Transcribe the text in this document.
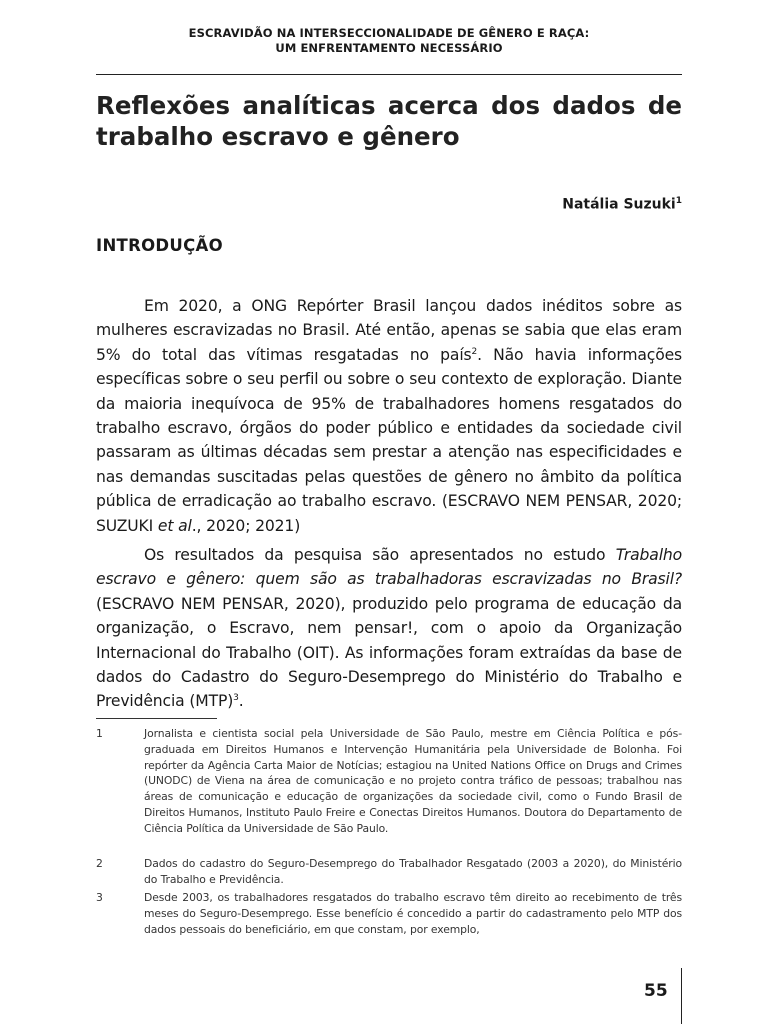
ESCRAVIDÃO NA INTERSECCIONALIDADE DE GÊNERO E RAÇA:
UM ENFRENTAMENTO NECESSÁRIO
Reflexões analíticas acerca dos dados de trabalho escravo e gênero
Natália Suzuki$^1$
INTRODUÇÃO

Em 2020, a ONG Repórter Brasil lançou dados inéditos sobre as mulheres escravizadas no Brasil. Até então, apenas se sabia que elas eram 5% do total das vítimas resgatadas no país$^2$. Não havia informações específicas sobre o seu perfil ou sobre o seu contexto de exploração. Diante da maioria inequívoca de 95% de trabalhadores homens resgatados do trabalho escravo, órgãos do poder público e entidades da sociedade civil passaram as últimas décadas sem prestar a atenção nas especificidades e nas demandas suscitadas pelas questões de gênero no âmbito da política pública de erradicação ao trabalho escravo. (ESCRAVO NEM PENSAR, 2020; SUZUKI et al., 2020; 2021)

Os resultados da pesquisa são apresentados no estudo Trabalho escravo e gênero: quem são as trabalhadoras escravizadas no Brasil? (ESCRAVO NEM PENSAR, 2020), produzido pelo programa de educação da organização, o Escravo, nem pensar!, com o apoio da Organização Internacional do Trabalho (OIT). As informações foram extraídas da base de dados do Cadastro do Seguro-Desemprego do Ministério do Trabalho e Previdência (MTP)$^3$.

1	Jornalista e cientista social pela Universidade de São Paulo, mestre em Ciência Política e pós-graduada em Direitos Humanos e Intervenção Humanitária pela Universidade de Bolonha. Foi repórter da Agência Carta Maior de Notícias; estagiou na United Nations Office on Drugs and Crimes (UNODC) de Viena na área de comunicação e no projeto contra tráfico de pessoas; trabalhou nas áreas de comunicação e educação de organizações da sociedade civil, como o Fundo Brasil de Direitos Humanos, Instituto Paulo Freire e Conectas Direitos Humanos. Doutora do Departamento de Ciência Política da Universidade de São Paulo.
2	Dados do cadastro do Seguro-Desemprego do Trabalhador Resgatado (2003 a 2020), do Ministério do Trabalho e Previdência.
3	Desde 2003, os trabalhadores resgatados do trabalho escravo têm direito ao recebimento de três meses do Seguro-Desemprego. Esse benefício é concedido a partir do cadastramento pelo MTP dos dados pessoais do beneficiário, em que constam, por exemplo,
55
